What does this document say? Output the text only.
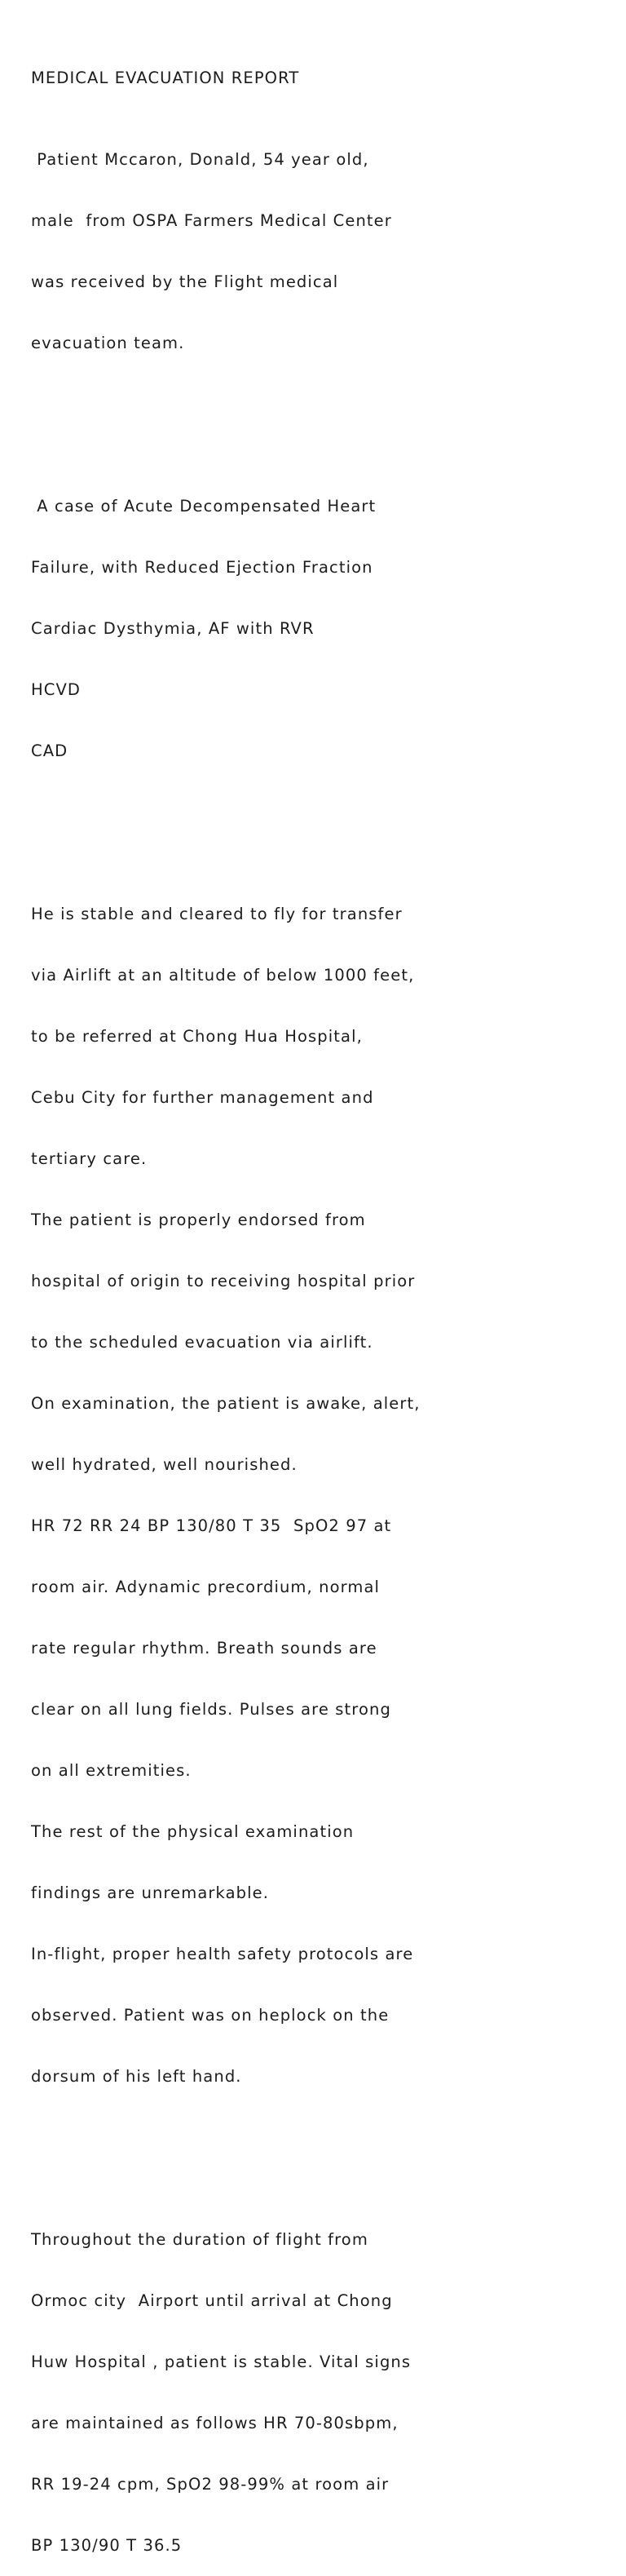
MEDICAL EVACUATION REPORT

Patient Mccaron, Donald, 54 year old,

male  from OSPA Farmers Medical Center

was received by the Flight medical

evacuation team.

A case of Acute Decompensated Heart

Failure, with Reduced Ejection Fraction

Cardiac Dysthymia, AF with RVR

HCVD

CAD

He is stable and cleared to fly for transfer

via Airlift at an altitude of below 1000 feet,

to be referred at Chong Hua Hospital,

Cebu City for further management and

tertiary care.

The patient is properly endorsed from

hospital of origin to receiving hospital prior

to the scheduled evacuation via airlift.

On examination, the patient is awake, alert,

well hydrated, well nourished.

HR 72 RR 24 BP 130/80 T 35  SpO2 97 at

room air. Adynamic precordium, normal

rate regular rhythm. Breath sounds are

clear on all lung fields. Pulses are strong

on all extremities.

The rest of the physical examination

findings are unremarkable.

In-flight, proper health safety protocols are

observed. Patient was on heplock on the

dorsum of his left hand.

Throughout the duration of flight from

Ormoc city  Airport until arrival at Chong

Huw Hospital , patient is stable. Vital signs

are maintained as follows HR 70-80sbpm,

RR 19-24 cpm, SpO2 98-99% at room air

BP 130/90 T 36.5
